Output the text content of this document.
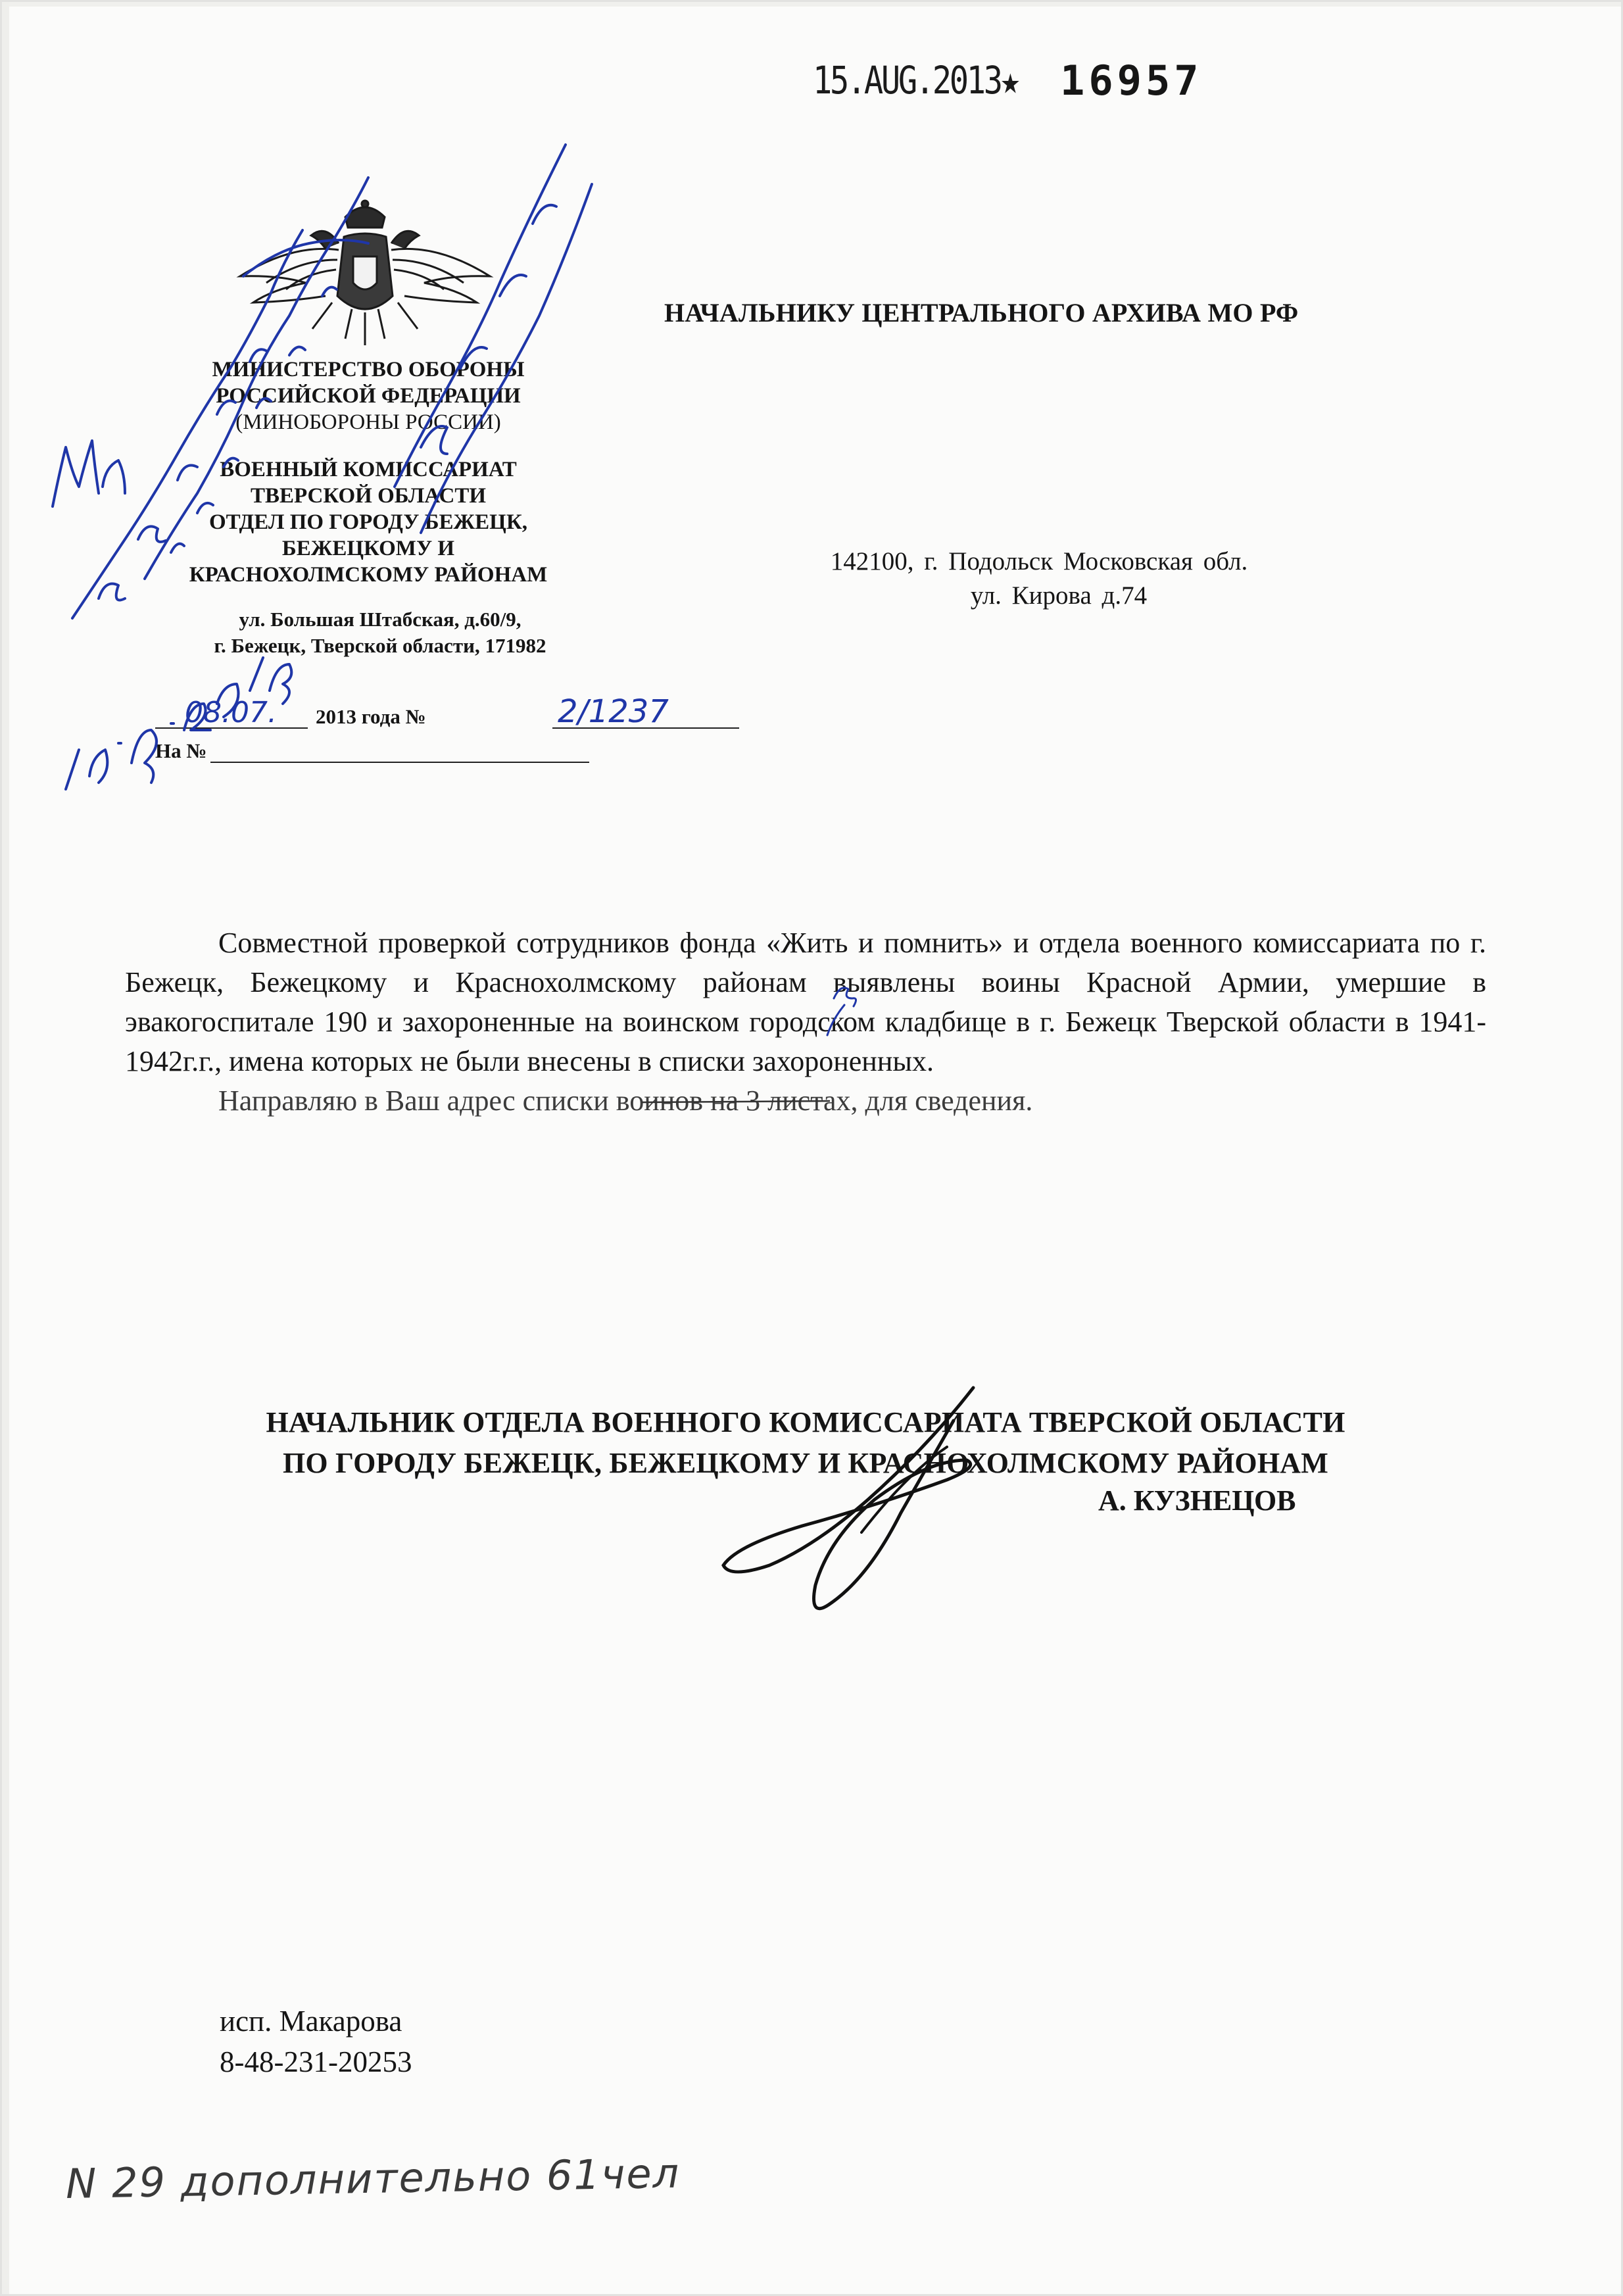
15.AUG.2013★ 16957
МИНИСТЕРСТВО ОБОРОНЫ
РОССИЙСКОЙ ФЕДЕРАЦИИ
(МИНОБОРОНЫ РОССИИ)
ВОЕННЫЙ КОМИССАРИАТ
ТВЕРСКОЙ ОБЛАСТИ
ОТДЕЛ ПО ГОРОДУ БЕЖЕЦК,
БЕЖЕЦКОМУ И
КРАСНОХОЛМСКОМУ РАЙОНАМ
ул. Большая Штабская, д.60/9,
г. Бежецк, Тверской области, 171982
08.07.	2013 года №	2/1237
На №
НАЧАЛЬНИКУ ЦЕНТРАЛЬНОГО АРХИВА МО РФ
142100, г. Подольск Московская обл.
ул. Кирова д.74

Совместной проверкой сотрудников фонда «Жить и помнить» и отдела военного комиссариата по г. Бежецк, Бежецкому и Краснохолмскому районам выявлены воины Красной Армии, умершие в эвакогоспитале 190 и захороненные на воинском городском кладбище в г. Бежецк Тверской области в 1941-1942г.г., имена которых не были внесены в списки захороненных.

Направляю в Ваш адрес списки воинов на 3 листах, для сведения.

НАЧАЛЬНИК ОТДЕЛА ВОЕННОГО КОМИССАРИАТА ТВЕРСКОЙ ОБЛАСТИ
ПО ГОРОДУ БЕЖЕЦК, БЕЖЕЦКОМУ И КРАСНОХОЛМСКОМУ РАЙОНАМ
А. КУЗНЕЦОВ
исп. Макарова
8-48-231-20253
N 29 дополнительно 61чел
